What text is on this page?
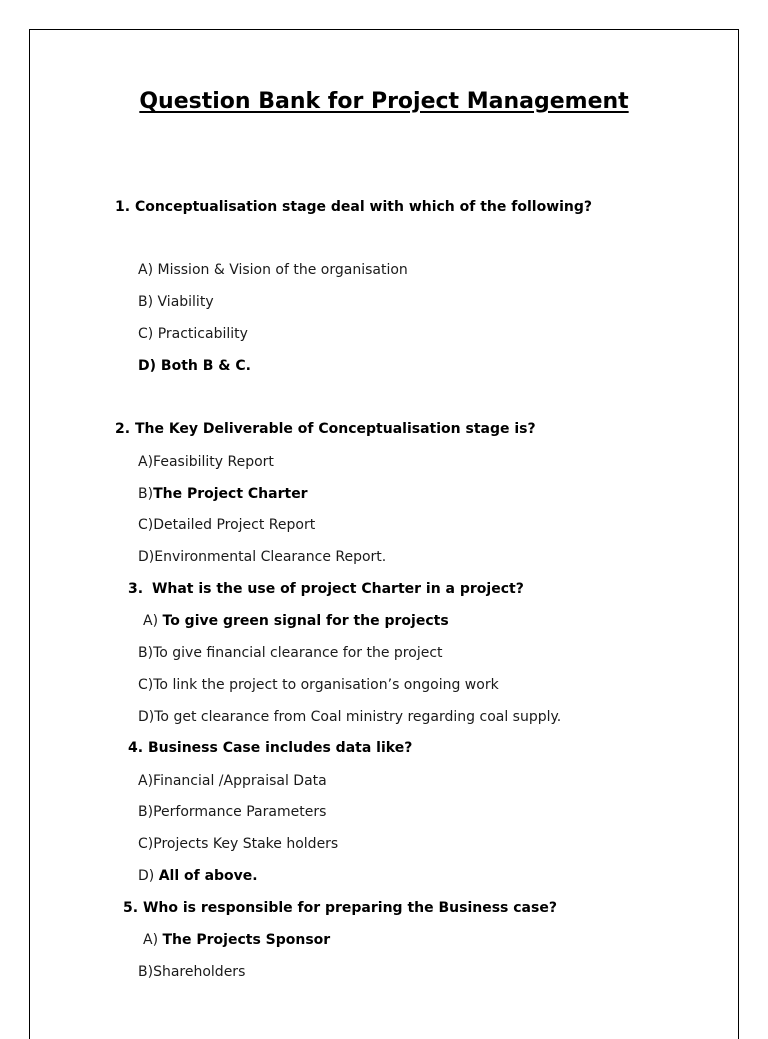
Question Bank for Project Management
1. Conceptualisation stage deal with which of the following?
A) Mission & Vision of the organisation
B) Viability
C) Practicability
D) Both B & C.
2. The Key Deliverable of Conceptualisation stage is?
A)Feasibility Report
B)The Project Charter
C)Detailed Project Report
D)Environmental Clearance Report.
3. What is the use of project Charter in a project?
A) To give green signal for the projects
B)To give financial clearance for the project
C)To link the project to organisation’s ongoing work
D)To get clearance from Coal ministry regarding coal supply.
4. Business Case includes data like?
A)Financial /Appraisal Data
B)Performance Parameters
C)Projects Key Stake holders
D) All of above.
5. Who is responsible for preparing the Business case?
A) The Projects Sponsor
B)Shareholders
